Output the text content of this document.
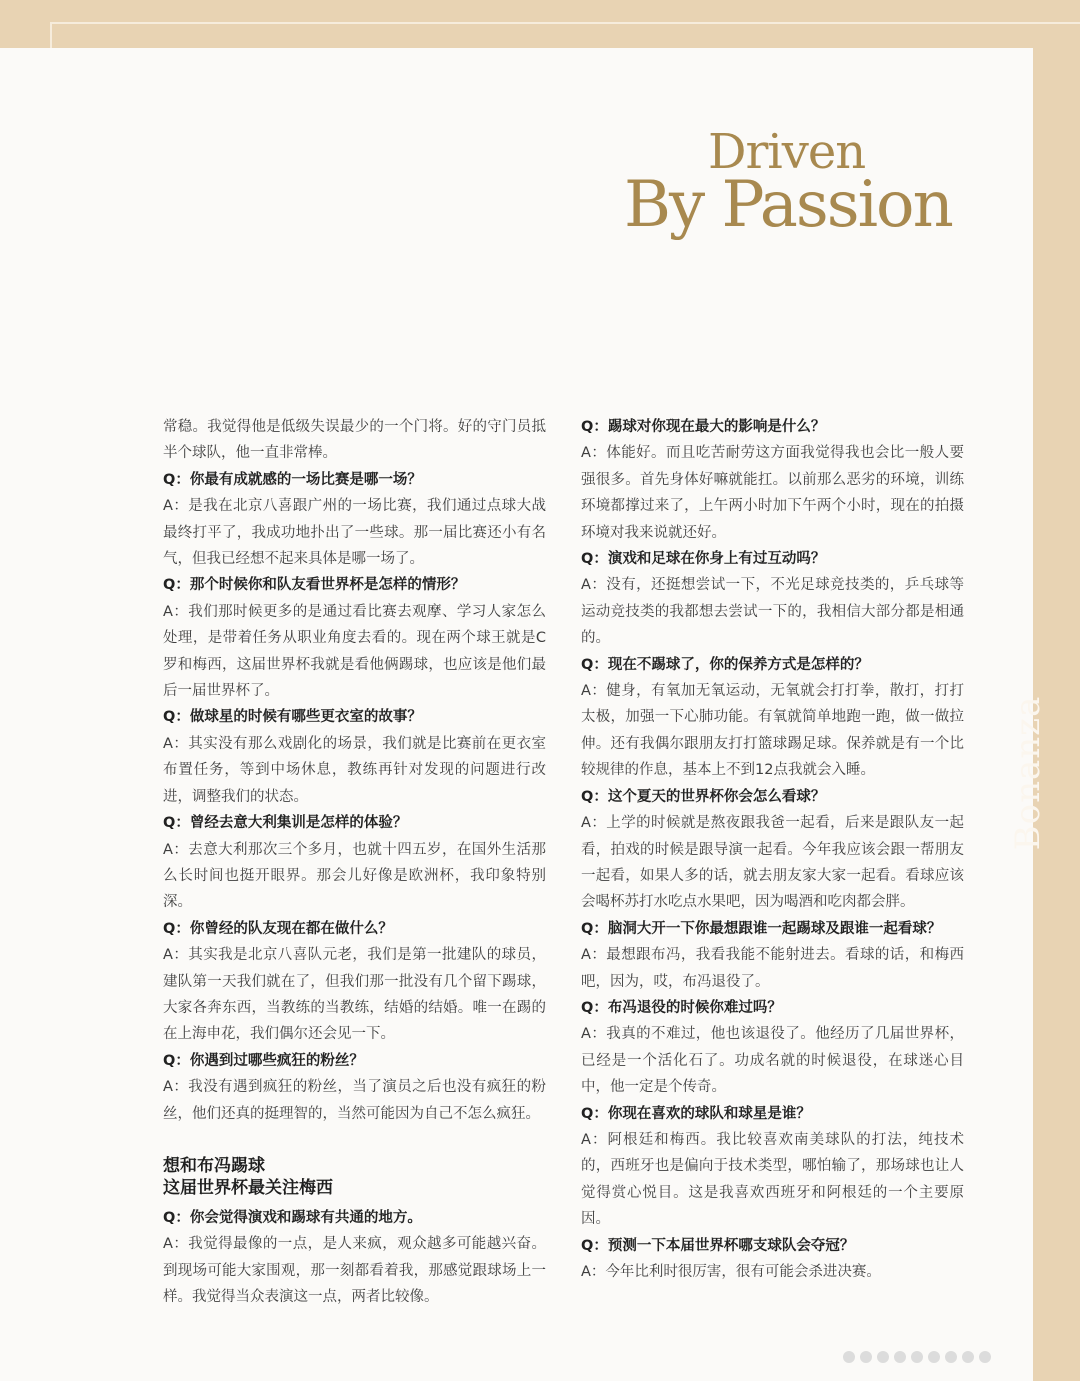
Bonanza
Driven
By Passion

常稳。我觉得他是低级失误最少的一个门将。好的守门员抵半个球队，他一直非常棒。

Q：你最有成就感的一场比赛是哪一场？

A：是我在北京八喜跟广州的一场比赛，我们通过点球大战最终打平了，我成功地扑出了一些球。那一届比赛还小有名气，但我已经想不起来具体是哪一场了。

Q：那个时候你和队友看世界杯是怎样的情形？

A：我们那时候更多的是通过看比赛去观摩、学习人家怎么处理，是带着任务从职业角度去看的。现在两个球王就是C罗和梅西，这届世界杯我就是看他俩踢球，也应该是他们最后一届世界杯了。

Q：做球星的时候有哪些更衣室的故事？

A：其实没有那么戏剧化的场景，我们就是比赛前在更衣室布置任务，等到中场休息，教练再针对发现的问题进行改进，调整我们的状态。

Q：曾经去意大利集训是怎样的体验？

A：去意大利那次三个多月，也就十四五岁，在国外生活那么长时间也挺开眼界。那会儿好像是欧洲杯，我印象特别深。

Q：你曾经的队友现在都在做什么？

A：其实我是北京八喜队元老，我们是第一批建队的球员，建队第一天我们就在了，但我们那一批没有几个留下踢球，大家各奔东西，当教练的当教练，结婚的结婚。唯一在踢的在上海申花，我们偶尔还会见一下。

Q：你遇到过哪些疯狂的粉丝？

A：我没有遇到疯狂的粉丝，当了演员之后也没有疯狂的粉丝，他们还真的挺理智的，当然可能因为自己不怎么疯狂。

想和布冯踢球
这届世界杯最关注梅西

Q：你会觉得演戏和踢球有共通的地方。

A：我觉得最像的一点，是人来疯，观众越多可能越兴奋。到现场可能大家围观，那一刻都看着我，那感觉跟球场上一样。我觉得当众表演这一点，两者比较像。

Q：踢球对你现在最大的影响是什么？

A：体能好。而且吃苦耐劳这方面我觉得我也会比一般人要强很多。首先身体好嘛就能扛。以前那么恶劣的环境，训练环境都撑过来了，上午两小时加下午两个小时，现在的拍摄环境对我来说就还好。

Q：演戏和足球在你身上有过互动吗？

A：没有，还挺想尝试一下，不光足球竞技类的，乒乓球等运动竞技类的我都想去尝试一下的，我相信大部分都是相通的。

Q：现在不踢球了，你的保养方式是怎样的？

A：健身，有氧加无氧运动，无氧就会打打拳，散打，打打太极，加强一下心肺功能。有氧就简单地跑一跑，做一做拉伸。还有我偶尔跟朋友打打篮球踢足球。保养就是有一个比较规律的作息，基本上不到12点我就会入睡。

Q：这个夏天的世界杯你会怎么看球？

A：上学的时候就是熬夜跟我爸一起看，后来是跟队友一起看，拍戏的时候是跟导演一起看。今年我应该会跟一帮朋友一起看，如果人多的话，就去朋友家大家一起看。看球应该会喝杯苏打水吃点水果吧，因为喝酒和吃肉都会胖。

Q：脑洞大开一下你最想跟谁一起踢球及跟谁一起看球？

A：最想跟布冯，我看我能不能射进去。看球的话，和梅西吧，因为，哎，布冯退役了。

Q：布冯退役的时候你难过吗？

A：我真的不难过，他也该退役了。他经历了几届世界杯，已经是一个活化石了。功成名就的时候退役，在球迷心目中，他一定是个传奇。

Q：你现在喜欢的球队和球星是谁？

A：阿根廷和梅西。我比较喜欢南美球队的打法，纯技术的，西班牙也是偏向于技术类型，哪怕输了，那场球也让人觉得赏心悦目。这是我喜欢西班牙和阿根廷的一个主要原因。

Q：预测一下本届世界杯哪支球队会夺冠？

A：今年比利时很厉害，很有可能会杀进决赛。
